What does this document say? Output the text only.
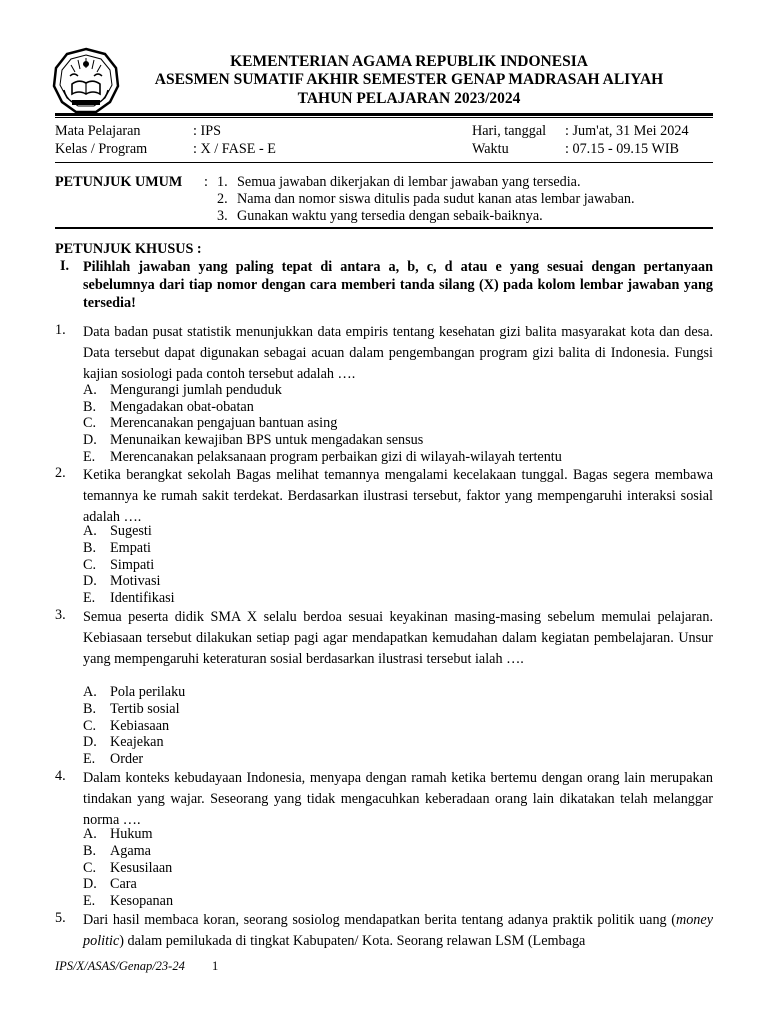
KEMENTERIAN AGAMA REPUBLIK INDONESIA
ASESMEN SUMATIF AKHIR SEMESTER GENAP MADRASAH ALIYAH
TAHUN PELAJARAN 2023/2024
Mata Pelajaran	: IPS
Kelas / Program	: X / FASE - E
Hari, tanggal : Jum'at, 31 Mei 2024
Waktu	: 07.15 - 09.15 WIB
PETUNJUK UMUM : 1. Semua jawaban dikerjakan di lembar jawaban yang tersedia.
2. Nama dan nomor siswa ditulis pada sudut kanan atas lembar jawaban.
3. Gunakan waktu yang tersedia dengan sebaik-baiknya.
PETUNJUK KHUSUS :
I. Pilihlah jawaban yang paling tepat di antara a, b, c, d atau e yang sesuai dengan pertanyaan sebelumnya dari tiap nomor dengan cara memberi tanda silang (X) pada kolom lembar jawaban yang tersedia!
1. Data badan pusat statistik menunjukkan data empiris tentang kesehatan gizi balita masyarakat kota dan desa. Data tersebut dapat digunakan sebagai acuan dalam pengembangan program gizi balita di Indonesia. Fungsi kajian sosiologi pada contoh tersebut adalah ….
A. Mengurangi jumlah penduduk
B. Mengadakan obat-obatan
C. Merencanakan pengajuan bantuan asing
D. Menunaikan kewajiban BPS untuk mengadakan sensus
E. Merencanakan pelaksanaan program perbaikan gizi di wilayah-wilayah tertentu
2. Ketika berangkat sekolah Bagas melihat temannya mengalami kecelakaan tunggal. Bagas segera membawa temannya ke rumah sakit terdekat. Berdasarkan ilustrasi tersebut, faktor yang mempengaruhi interaksi sosial adalah ….
A. Sugesti
B. Empati
C. Simpati
D. Motivasi
E. Identifikasi
3. Semua peserta didik SMA X selalu berdoa sesuai keyakinan masing-masing sebelum memulai pelajaran. Kebiasaan tersebut dilakukan setiap pagi agar mendapatkan kemudahan dalam kegiatan pembelajaran. Unsur yang mempengaruhi keteraturan sosial berdasarkan ilustrasi tersebut ialah ….
A. Pola perilaku
B. Tertib sosial
C. Kebiasaan
D. Keajekan
E. Order
4. Dalam konteks kebudayaan Indonesia, menyapa dengan ramah ketika bertemu dengan orang lain merupakan tindakan yang wajar. Seseorang yang tidak mengacuhkan keberadaan orang lain dikatakan telah melanggar norma ….
A. Hukum
B. Agama
C. Kesusilaan
D. Cara
E. Kesopanan
5. Dari hasil membaca koran, seorang sosiolog mendapatkan berita tentang adanya praktik politik uang (money politic) dalam pemilukada di tingkat Kabupaten/ Kota. Seorang relawan LSM (Lembaga
IPS/X/ASAS/Genap/23-24 1
